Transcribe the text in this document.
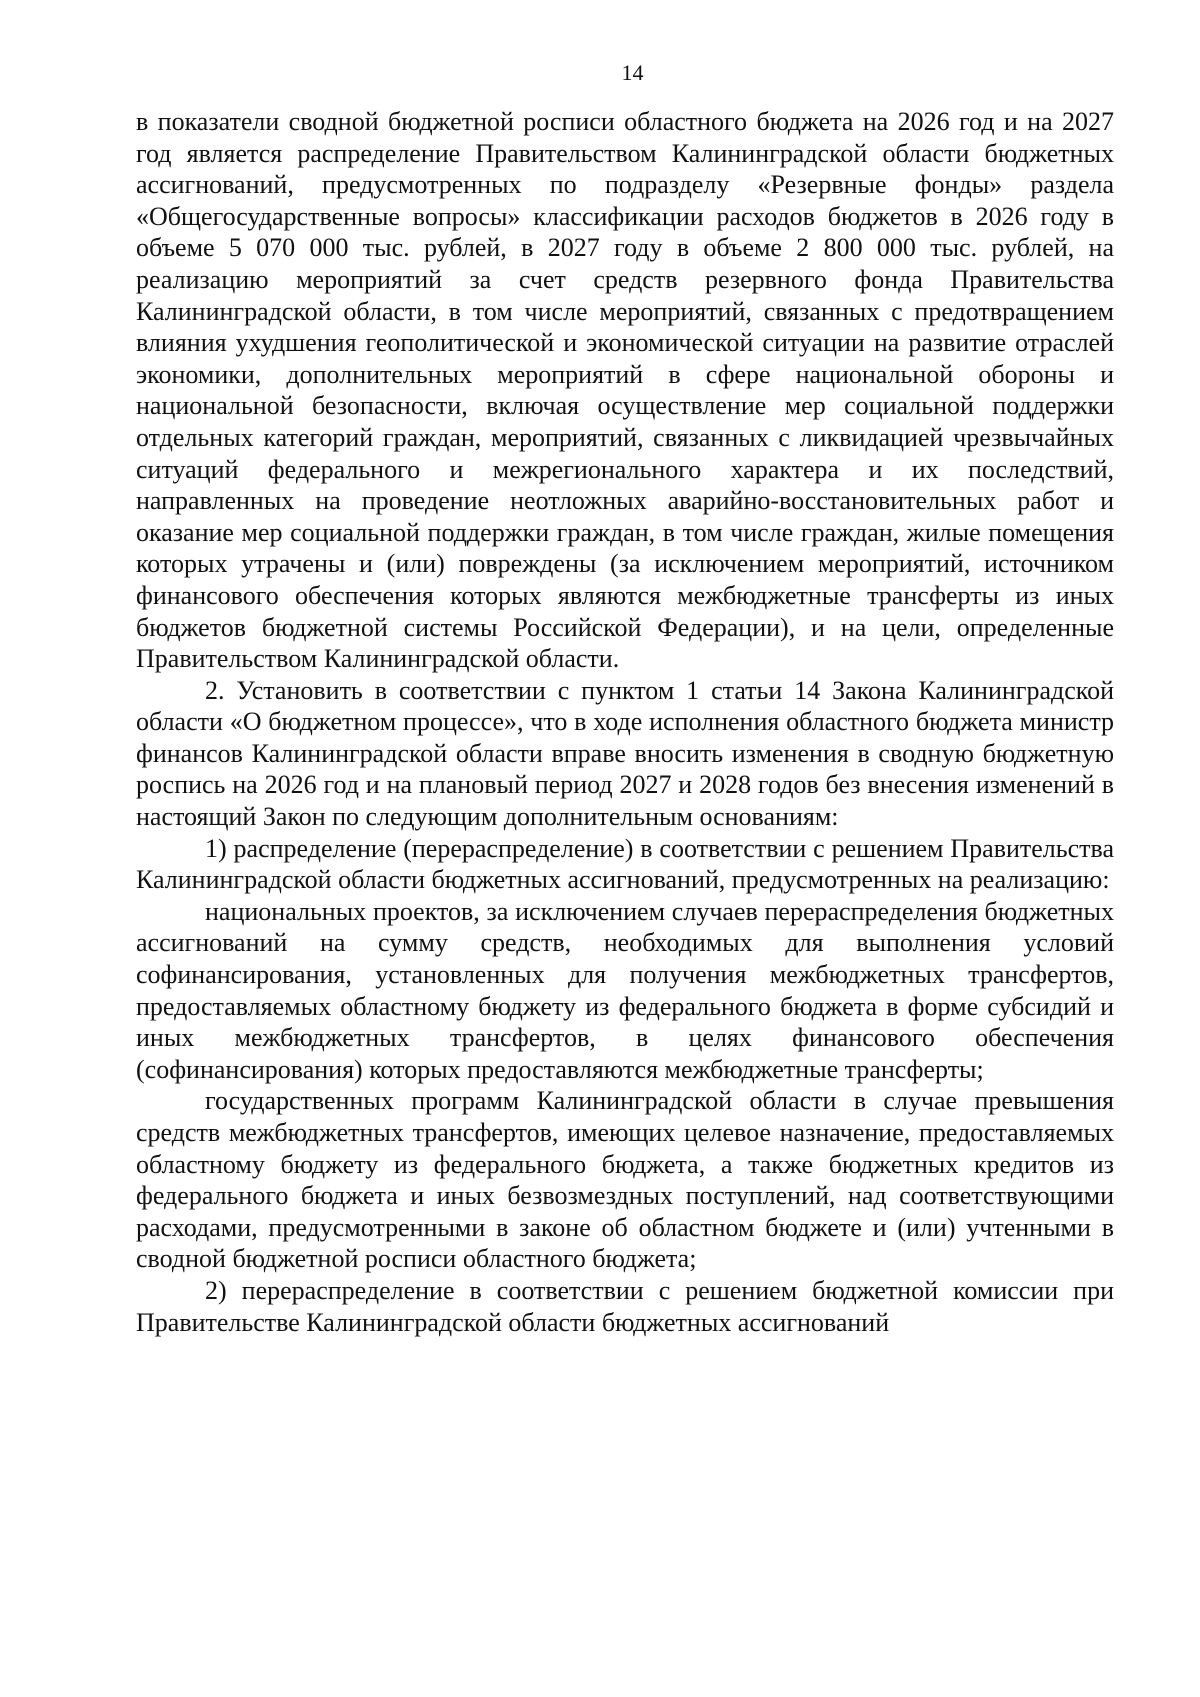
14

в показатели сводной бюджетной росписи областного бюджета на 2026 год и на 2027 год является распределение Правительством Калининградской области бюджетных ассигнований, предусмотренных по подразделу «Резервные фонды» раздела «Общегосударственные вопросы» классификации расходов бюджетов в 2026 году в объеме 5 070 000 тыс. рублей, в 2027 году в объеме 2 800 000 тыс. рублей, на реализацию мероприятий за счет средств резервного фонда Правительства Калининградской области, в том числе мероприятий, связанных с предотвращением влияния ухудшения геополитической и экономической ситуации на развитие отраслей экономики, дополнительных мероприятий в сфере национальной обороны и национальной безопасности, включая осуществление мер социальной поддержки отдельных категорий граждан, мероприятий, связанных с ликвидацией чрезвычайных ситуаций федерального и межрегионального характера и их последствий, направленных на проведение неотложных аварийно-восстановительных работ и оказание мер социальной поддержки граждан, в том числе граждан, жилые помещения которых утрачены и (или) повреждены (за исключением мероприятий, источником финансового обеспечения которых являются межбюджетные трансферты из иных бюджетов бюджетной системы Российской Федерации), и на цели, определенные Правительством Калининградской области.

2. Установить в соответствии с пунктом 1 статьи 14 Закона Калининградской области «О бюджетном процессе», что в ходе исполнения областного бюджета министр финансов Калининградской области вправе вносить изменения в сводную бюджетную роспись на 2026 год и на плановый период 2027 и 2028 годов без внесения изменений в настоящий Закон по следующим дополнительным основаниям:

1) распределение (перераспределение) в соответствии с решением Правительства Калининградской области бюджетных ассигнований, предусмотренных на реализацию:

национальных проектов, за исключением случаев перераспределения бюджетных ассигнований на сумму средств, необходимых для выполнения условий софинансирования, установленных для получения межбюджетных трансфертов, предоставляемых областному бюджету из федерального бюджета в форме субсидий и иных межбюджетных трансфертов, в целях финансового обеспечения (софинансирования) которых предоставляются межбюджетные трансферты;

государственных программ Калининградской области в случае превышения средств межбюджетных трансфертов, имеющих целевое назначение, предоставляемых областному бюджету из федерального бюджета, а также бюджетных кредитов из федерального бюджета и иных безвозмездных поступлений, над соответствующими расходами, предусмотренными в законе об областном бюджете и (или) учтенными в сводной бюджетной росписи областного бюджета;

2) перераспределение в соответствии с решением бюджетной комиссии при Правительстве Калининградской области бюджетных ассигнований
